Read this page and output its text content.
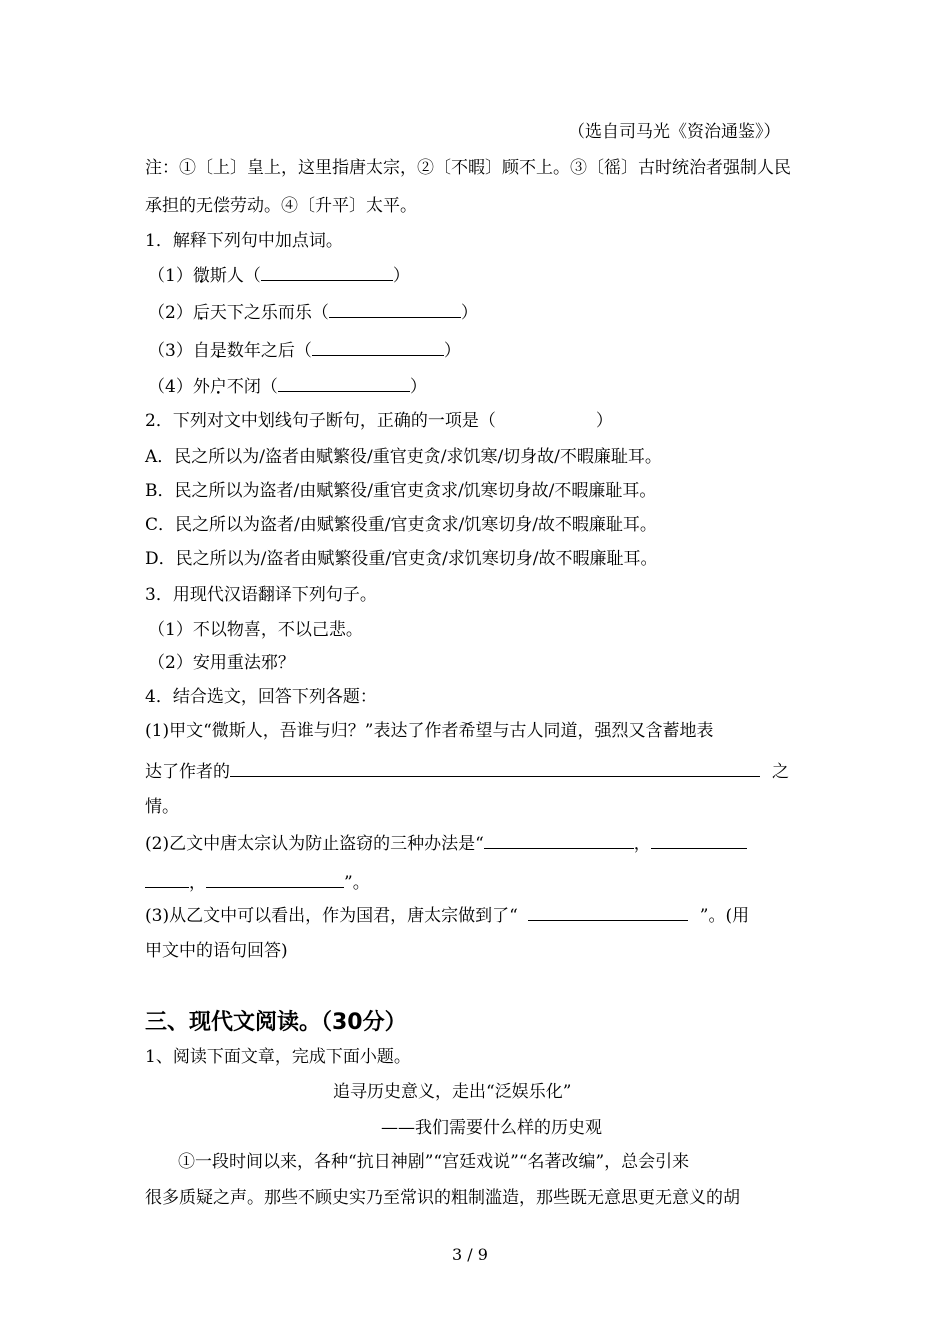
（选自司马光《资治通鉴》）
注：①〔上〕皇上，这里指唐太宗，②〔不暇〕顾不上。③〔徭〕古时统治者强制人民
承担的无偿劳动。④〔升平〕太平。
1．解释下列句中加点词。
（1）微斯人（	）
（2）后天下之乐而乐（	）
（3）自是数年之后（	）
（4）外户不闭（	）
2．下列对文中划线句子断句，正确的一项是（	）
A．民之所以为/盗者由赋繁役/重官吏贪/求饥寒/切身故/不暇廉耻耳。
B．民之所以为盗者/由赋繁役/重官吏贪求/饥寒切身故/不暇廉耻耳。
C．民之所以为盗者/由赋繁役重/官吏贪求/饥寒切身/故不暇廉耻耳。
D．民之所以为/盗者由赋繁役重/官吏贪/求饥寒切身/故不暇廉耻耳。
3．用现代汉语翻译下列句子。
（1）不以物喜，不以己悲。
（2）安用重法邪？
4．结合选文，回答下列各题：
(1)甲文“微斯人，吾谁与归？”表达了作者希望与古人同道，强烈又含蓄地表
达了作者的	之
情。
(2)乙文中唐太宗认为防止盗窃的三种办法是“	，
，	”。
(3)从乙文中可以看出，作为国君，唐太宗做到了“	”。(用
甲文中的语句回答)
三、现代文阅读。（30分）
1、阅读下面文章，完成下面小题。
追寻历史意义，走出“泛娱乐化”
——我们需要什么样的历史观
①一段时间以来，各种“抗日神剧”“宫廷戏说”“名著改编”，总会引来
很多质疑之声。那些不顾史实乃至常识的粗制滥造，那些既无意思更无意义的胡
3 / 9
